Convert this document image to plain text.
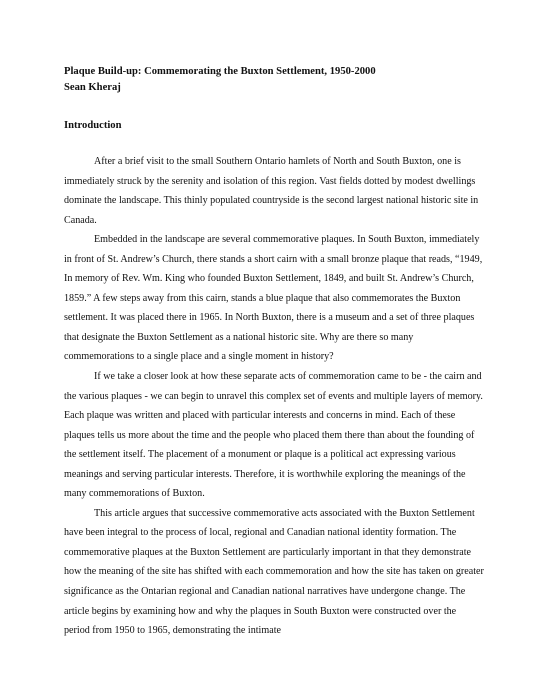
Plaque Build-up: Commemorating the Buxton Settlement, 1950-2000
Sean Kheraj
Introduction

After a brief visit to the small Southern Ontario hamlets of North and South Buxton, one is immediately struck by the serenity and isolation of this region. Vast fields dotted by modest dwellings dominate the landscape. This thinly populated countryside is the second largest national historic site in Canada.

Embedded in the landscape are several commemorative plaques. In South Buxton, immediately in front of St. Andrew’s Church, there stands a short cairn with a small bronze plaque that reads, “1949, In memory of Rev. Wm. King who founded Buxton Settlement, 1849, and built St. Andrew’s Church, 1859.” A few steps away from this cairn, stands a blue plaque that also commemorates the Buxton settlement. It was placed there in 1965. In North Buxton, there is a museum and a set of three plaques that designate the Buxton Settlement as a national historic site. Why are there so many commemorations to a single place and a single moment in history?

If we take a closer look at how these separate acts of commemoration came to be - the cairn and the various plaques - we can begin to unravel this complex set of events and multiple layers of memory. Each plaque was written and placed with particular interests and concerns in mind. Each of these plaques tells us more about the time and the people who placed them there than about the founding of the settlement itself. The placement of a monument or plaque is a political act expressing various meanings and serving particular interests. Therefore, it is worthwhile exploring the meanings of the many commemorations of Buxton.

This article argues that successive commemorative acts associated with the Buxton Settlement have been integral to the process of local, regional and Canadian national identity formation. The commemorative plaques at the Buxton Settlement are particularly important in that they demonstrate how the meaning of the site has shifted with each commemoration and how the site has taken on greater significance as the Ontarian regional and Canadian national narratives have undergone change. The article begins by examining how and why the plaques in South Buxton were constructed over the period from 1950 to 1965, demonstrating the intimate
